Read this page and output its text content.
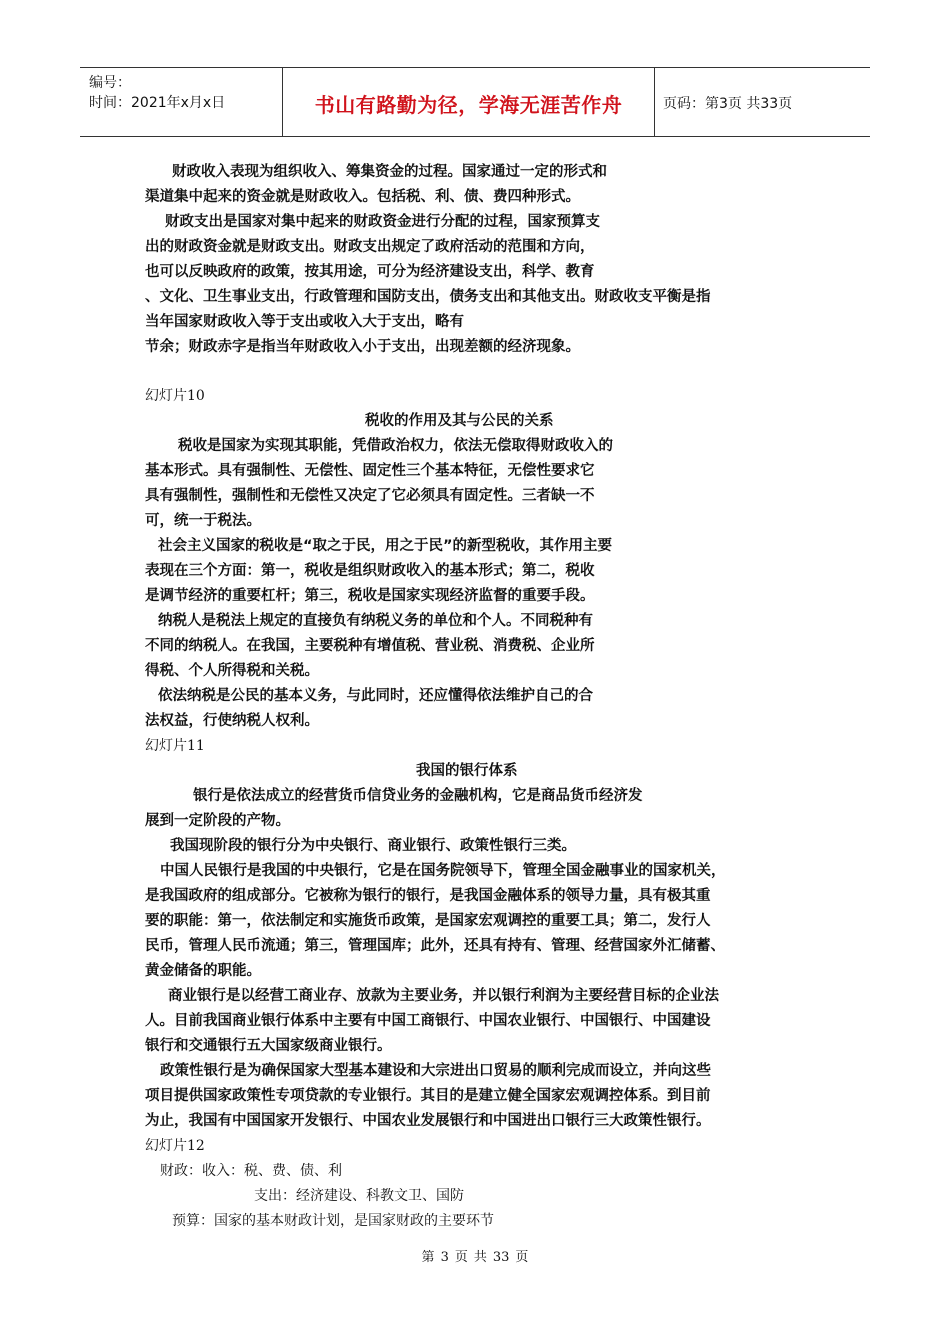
编号：
时间：2021年x月x日	书山有路勤为径，学海无涯苦作舟	页码：第3页 共33页
财政收入表现为组织收入、筹集资金的过程。国家通过一定的形式和
渠道集中起来的资金就是财政收入。包括税、利、债、费四种形式。
财政支出是国家对集中起来的财政资金进行分配的过程，国家预算支
出的财政资金就是财政支出。财政支出规定了政府活动的范围和方向，
也可以反映政府的政策，按其用途，可分为经济建设支出，科学、教育
、文化、卫生事业支出，行政管理和国防支出，债务支出和其他支出。财政收支平衡是指
当年国家财政收入等于支出或收入大于支出，略有
节余；财政赤字是指当年财政收入小于支出，出现差额的经济现象。
幻灯片10
税收的作用及其与公民的关系
税收是国家为实现其职能，凭借政治权力，依法无偿取得财政收入的
基本形式。具有强制性、无偿性、固定性三个基本特征，无偿性要求它
具有强制性，强制性和无偿性又决定了它必须具有固定性。三者缺一不
可，统一于税法。
社会主义国家的税收是“取之于民，用之于民”的新型税收，其作用主要
表现在三个方面：第一，税收是组织财政收入的基本形式；第二，税收
是调节经济的重要杠杆；第三，税收是国家实现经济监督的重要手段。
纳税人是税法上规定的直接负有纳税义务的单位和个人。不同税种有
不同的纳税人。在我国，主要税种有增值税、营业税、消费税、企业所
得税、个人所得税和关税。
依法纳税是公民的基本义务，与此同时，还应懂得依法维护自己的合
法权益，行使纳税人权利。
幻灯片11
我国的银行体系
银行是依法成立的经营货币信贷业务的金融机构，它是商品货币经济发
展到一定阶段的产物。
我国现阶段的银行分为中央银行、商业银行、政策性银行三类。
中国人民银行是我国的中央银行，它是在国务院领导下，管理全国金融事业的国家机关，
是我国政府的组成部分。它被称为银行的银行，是我国金融体系的领导力量，具有极其重
要的职能：第一，依法制定和实施货币政策，是国家宏观调控的重要工具；第二，发行人
民币，管理人民币流通；第三，管理国库；此外，还具有持有、管理、经营国家外汇储蓄、
黄金储备的职能。
商业银行是以经营工商业存、放款为主要业务，并以银行利润为主要经营目标的企业法
人。目前我国商业银行体系中主要有中国工商银行、中国农业银行、中国银行、中国建设
银行和交通银行五大国家级商业银行。
政策性银行是为确保国家大型基本建设和大宗进出口贸易的顺利完成而设立，并向这些
项目提供国家政策性专项贷款的专业银行。其目的是建立健全国家宏观调控体系。到目前
为止，我国有中国国家开发银行、中国农业发展银行和中国进出口银行三大政策性银行。
幻灯片12
财政：收入：税、费、债、利
支出：经济建设、科教文卫、国防
预算：国家的基本财政计划，是国家财政的主要环节
第 3 页 共 33 页
